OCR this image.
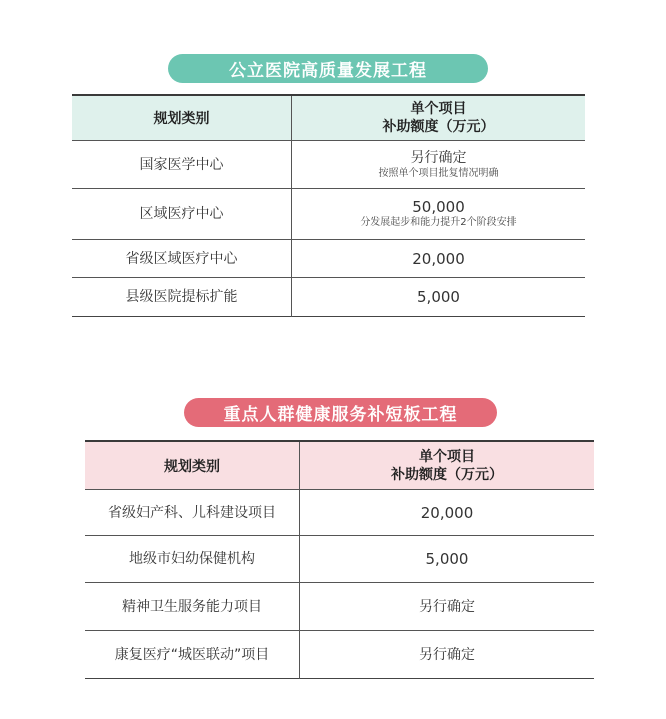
公立医院高质量发展工程
规划类别	单个项目
补助额度（万元）

国家医学中心	另行确定
按照单个项目批复情况明确

区域医疗中心	50,000
分发展起步和能力提升2个阶段安排

省级区域医疗中心	20,000
县级医院提标扩能	5,000
重点人群健康服务补短板工程
规划类别	单个项目
补助额度（万元）

省级妇产科、儿科建设项目	20,000
地级市妇幼保健机构	5,000
精神卫生服务能力项目	另行确定
康复医疗“城医联动”项目	另行确定
